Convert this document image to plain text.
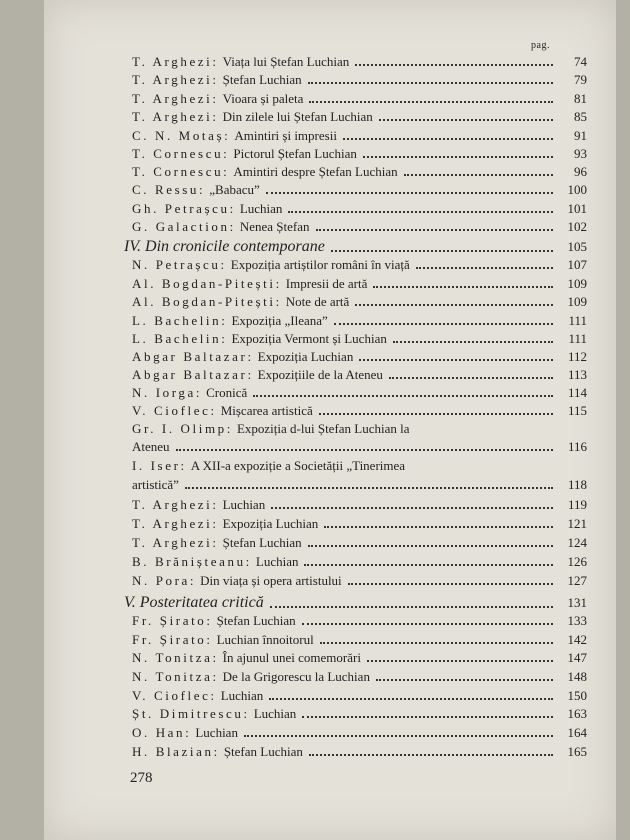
pag.
T. Arghezi: Viața lui Ștefan Luchian	74
T. Arghezi: Ștefan Luchian	79
T. Arghezi: Vioara și paleta	81
T. Arghezi: Din zilele lui Ștefan Luchian	85
C. N. Motaș: Amintiri și impresii	91
T. Cornescu: Pictorul Ștefan Luchian	93
T. Cornescu: Amintiri despre Ștefan Luchian	96
C. Ressu: „Babacu”	100
Gh. Petrașcu: Luchian	101
G. Galaction: Nenea Ștefan	102
IV. Din cronicile contemporane	105
N. Petrașcu: Expoziția artiștilor români în viață	107
Al. Bogdan-Pitești: Impresii de artă	109
Al. Bogdan-Pitești: Note de artă	109
L. Bachelin: Expoziția „Ileana”	111
L. Bachelin: Expoziția Vermont și Luchian	111
Abgar Baltazar: Expoziția Luchian	112
Abgar Baltazar: Expozițiile de la Ateneu	113
N. Iorga: Cronică	114
V. Cioflec: Mișcarea artistică	115
Gr. I. Olimp: Expoziția d-lui Ștefan Luchian la
Ateneu	116
I. Iser: A XII-a expoziție a Societății „Tinerimea
artistică”	118
T. Arghezi: Luchian	119
T. Arghezi: Expoziția Luchian	121
T. Arghezi: Ștefan Luchian	124
B. Brănișteanu: Luchian	126
N. Pora: Din viața și opera artistului	127
V. Posteritatea critică	131
Fr. Șirato: Ștefan Luchian	133
Fr. Șirato: Luchian înnoitorul	142
N. Tonitza: În ajunul unei comemorări	147
N. Tonitza: De la Grigorescu la Luchian	148
V. Cioflec: Luchian	150
Șt. Dimitrescu: Luchian	163
O. Han: Luchian	164
H. Blazian: Ștefan Luchian	165
278
